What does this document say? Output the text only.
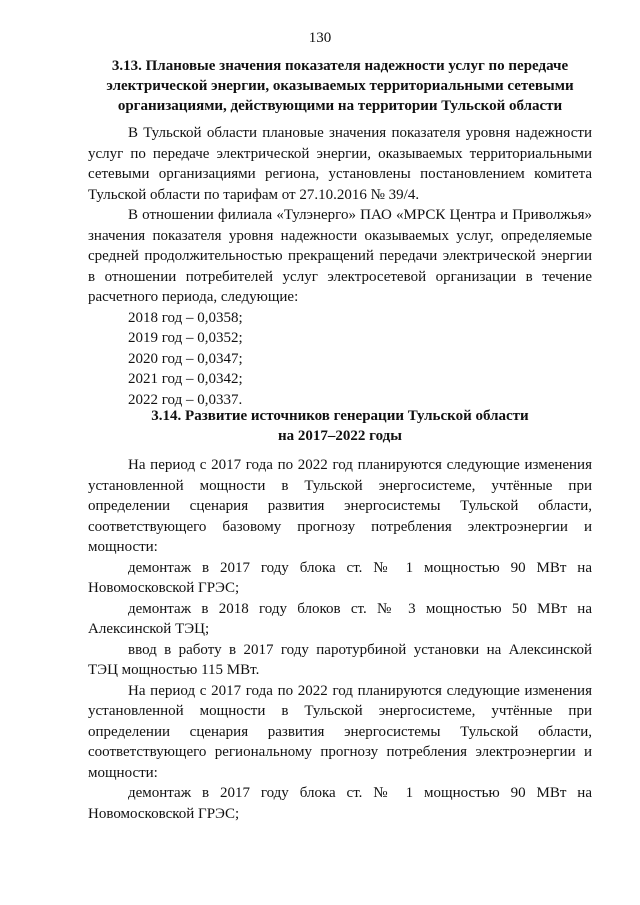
130
3.13. Плановые значения показателя надежности услуг по передаче
электрической энергии, оказываемых территориальными сетевыми
организациями, действующими на территории Тульской области

В Тульской области плановые значения показателя уровня надежности услуг по передаче электрической энергии, оказываемых территориальными сетевыми организациями региона, установлены постановлением комитета Тульской области по тарифам от 27.10.2016 № 39/4.

В отношении филиала «Тулэнерго» ПАО «МРСК Центра и Приволжья» значения показателя уровня надежности оказываемых услуг, определяемые средней продолжительностью прекращений передачи электрической энергии в отношении потребителей услуг электросетевой организации в течение расчетного периода, следующие:

2018 год – 0,0358;

2019 год – 0,0352;

2020 год – 0,0347;

2021 год – 0,0342;

2022 год – 0,0337.

3.14. Развитие источников генерации Тульской области
на 2017–2022 годы

На период с 2017 года по 2022 год планируются следующие изменения установленной мощности в Тульской энергосистеме, учтённые при определении сценария развития энергосистемы Тульской области, соответствующего базовому прогнозу потребления электроэнергии и мощности:

демонтаж в 2017 году блока ст. № 1 мощностью 90 МВт на Новомосковской ГРЭС;

демонтаж в 2018 году блоков ст. № 3 мощностью 50 МВт на Алексинской ТЭЦ;

ввод в работу в 2017 году паротурбиной установки на Алексинской ТЭЦ мощностью 115 МВт.

На период с 2017 года по 2022 год планируются следующие изменения установленной мощности в Тульской энергосистеме, учтённые при определении сценария развития энергосистемы Тульской области, соответствующего региональному прогнозу потребления электроэнергии и мощности:

демонтаж в 2017 году блока ст. № 1 мощностью 90 МВт на Новомосковской ГРЭС;
